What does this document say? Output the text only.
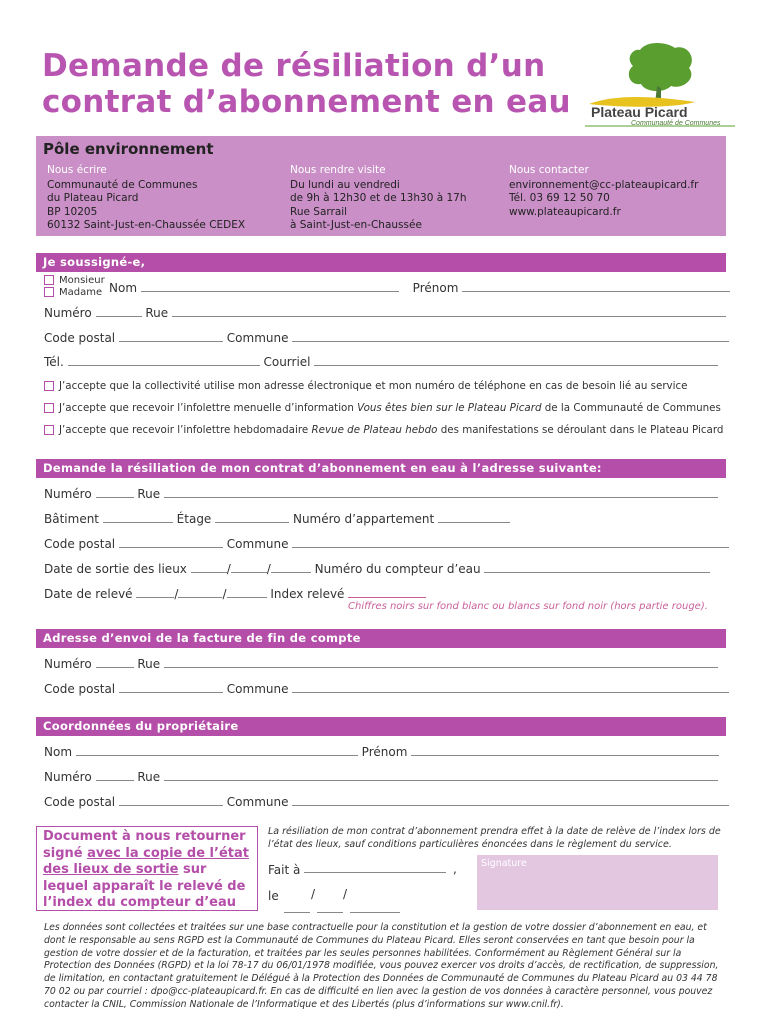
Demande de résiliation d’un
contrat d’abonnement en eau Plateau Picard
Communauté de Communes
Pôle environnement
Nous écrire
Communauté de Communes
du Plateau Picard
BP 10205
60132 Saint-Just-en-Chaussée CEDEX
Nous rendre visite
Du lundi au vendredi
de 9h à 12h30 et de 13h30 à 17h
Rue Sarrail
à Saint-Just-en-Chaussée
Nous contacter
environnement@cc-plateaupicard.fr
Tél. 03 69 12 50 70
www.plateaupicard.fr
Je soussigné-e,
Monsieur
Madame Nom	Prénom
Numéro	Rue
Code postal	Commune
Tél.	Courriel
J’accepte que la collectivité utilise mon adresse électronique et mon numéro de téléphone en cas de besoin lié au service
J’accepte que recevoir l’infolettre menuelle d’information Vous êtes bien sur le Plateau Picard de la Communauté de Communes
J’accepte que recevoir l’infolettre hebdomadaire Revue de Plateau hebdo des manifestations se déroulant dans le Plateau Picard
Demande la résiliation de mon contrat d’abonnement en eau à l’adresse suivante:
Numéro	Rue
Bâtiment	Étage	Numéro d’appartement
Code postal	Commune
Date de sortie des lieux	/	/	Numéro du compteur d’eau
Date de relevé	/	/	Index relevé
Chiffres noirs sur fond blanc ou blancs sur fond noir (hors partie rouge).
Adresse d’envoi de la facture de fin de compte
Numéro	Rue
Code postal	Commune
Coordonnées du propriétaire
Nom	Prénom
Numéro	Rue
Code postal	Commune
Document à nous retourner signé avec la copie de l’état des lieux de sortie sur lequel apparaît le relevé de l’index du compteur d’eau
La résiliation de mon contrat d’abonnement prendra effet à la date de relève de l’index lors de l’état des lieux, sauf conditions particulières énoncées dans le règlement du service.
Fait à	,
le	/ /
Signature
Les données sont collectées et traitées sur une base contractuelle pour la constitution et la gestion de votre dossier d’abonnement en eau, et dont le responsable au sens RGPD est la Communauté de Communes du Plateau Picard. Elles seront conservées en tant que besoin pour la gestion de votre dossier et de la facturation, et traitées par les seules personnes habilitées. Conformément au Règlement Général sur la Protection des Données (RGPD) et la loi 78-17 du 06/01/1978 modifiée, vous pouvez exercer vos droits d’accès, de rectification, de suppression, de limitation, en contactant gratuitement le Délégué à la Protection des Données de Communauté de Communes du Plateau Picard au 03 44 78 70 02 ou par courriel : dpo@cc-plateaupicard.fr. En cas de difficulté en lien avec la gestion de vos données à caractère personnel, vous pouvez contacter la CNIL, Commission Nationale de l’Informatique et des Libertés (plus d’informations sur www.cnil.fr).
